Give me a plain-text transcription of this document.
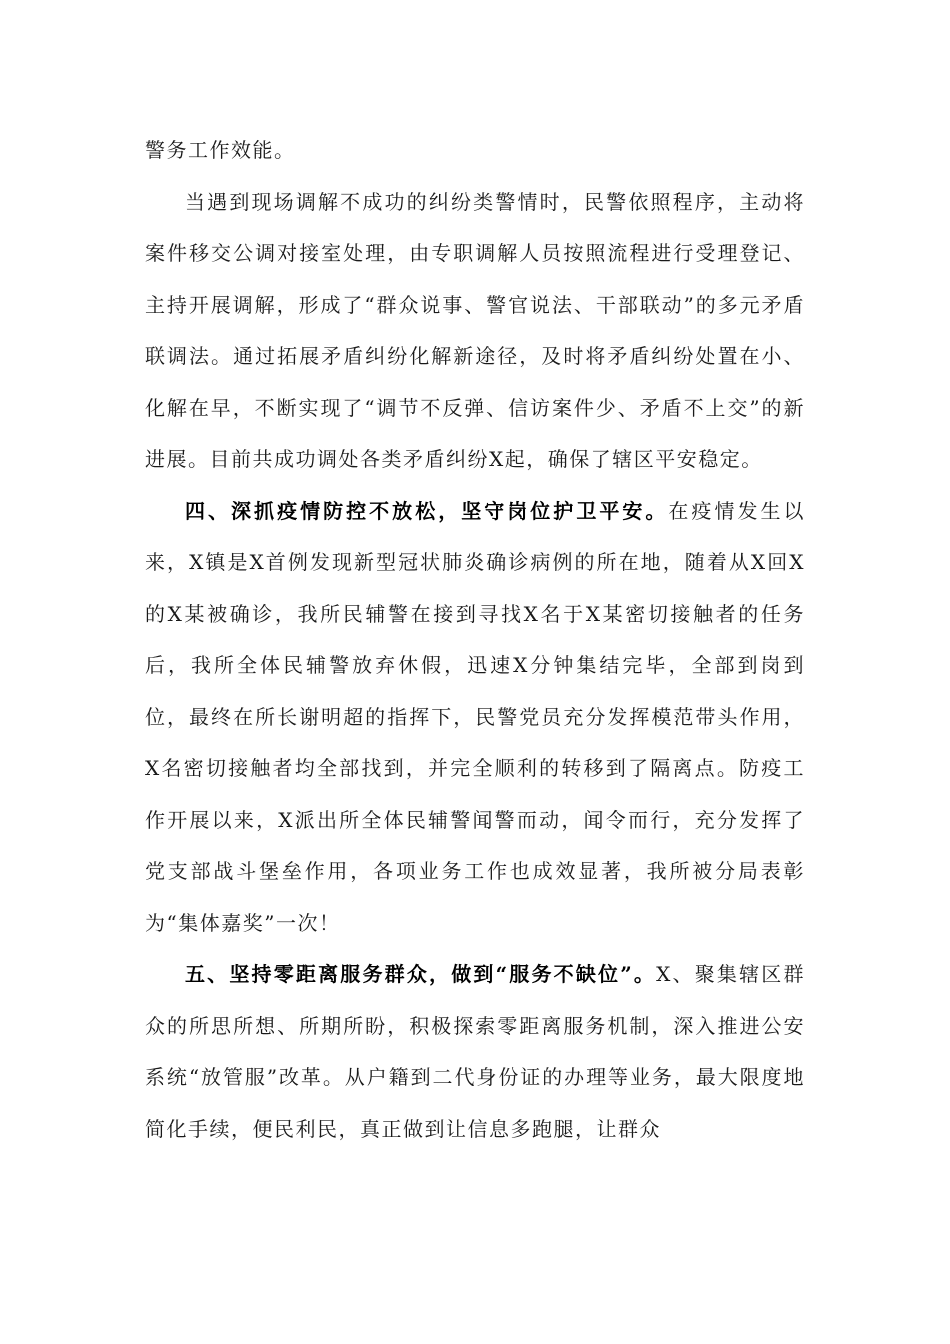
警务工作效能。

当遇到现场调解不成功的纠纷类警情时，民警依照程序，主动将案件移交公调对接室处理，由专职调解人员按照流程进行受理登记、主持开展调解，形成了“群众说事、警官说法、干部联动”的多元矛盾联调法。通过拓展矛盾纠纷化解新途径，及时将矛盾纠纷处置在小、化解在早，不断实现了“调节不反弹、信访案件少、矛盾不上交”的新进展。目前共成功调处各类矛盾纠纷X起，确保了辖区平安稳定。

四、深抓疫情防控不放松，坚守岗位护卫平安。在疫情发生以来，X镇是X首例发现新型冠状肺炎确诊病例的所在地，随着从X回X的X某被确诊，我所民辅警在接到寻找X名于X某密切接触者的任务后，我所全体民辅警放弃休假，迅速X分钟集结完毕，全部到岗到位，最终在所长谢明超的指挥下，民警党员充分发挥模范带头作用，X名密切接触者均全部找到，并完全顺利的转移到了隔离点。防疫工作开展以来，X派出所全体民辅警闻警而动，闻令而行，充分发挥了党支部战斗堡垒作用，各项业务工作也成效显著，我所被分局表彰为“集体嘉奖”一次！

五、坚持零距离服务群众，做到“服务不缺位”。X、聚集辖区群众的所思所想、所期所盼，积极探索零距离服务机制，深入推进公安系统“放管服”改革。从户籍到二代身份证的办理等业务，最大限度地简化手续，便民利民，真正做到让信息多跑腿，让群众
